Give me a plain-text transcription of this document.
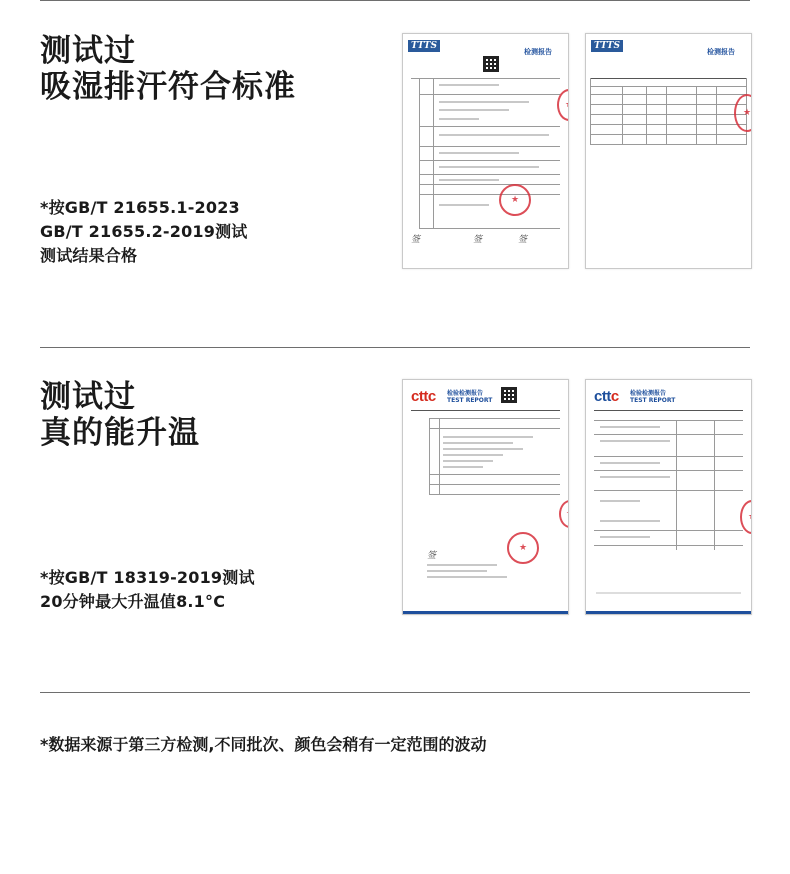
测试过
吸湿排汗符合标准
*按GB/T 21655.1-2023
GB/T 21655.2-2019测试
测试结果合格
TTTS
检测报告
★
★
签	签	签
TTTS
检测报告
★
测试过
真的能升温
*按GB/T 18319-2019测试
20分钟最大升温值8.1°C
cttc 检验检测报告
TEST REPORT
★
★
签
cttc 检验检测报告
TEST REPORT
★
*数据来源于第三方检测,不同批次、颜色会稍有一定范围的波动
